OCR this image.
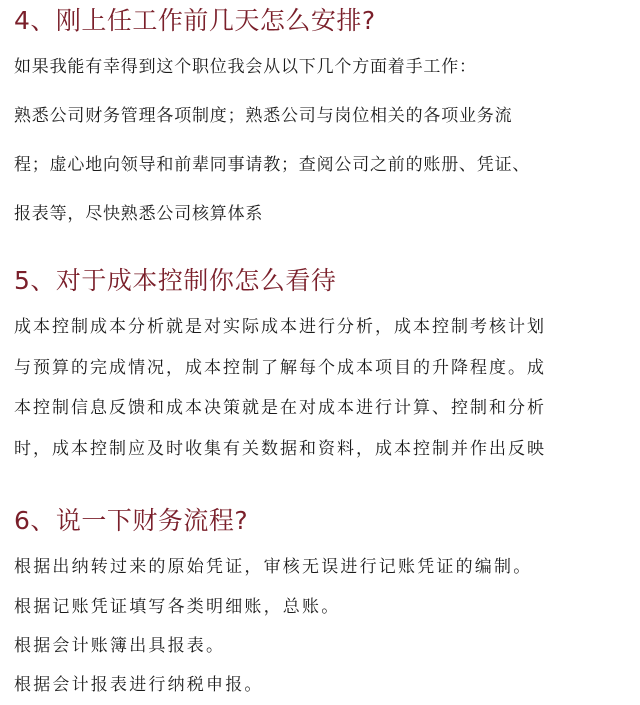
4、刚上任工作前几天怎么安排?
如果我能有幸得到这个职位我会从以下几个方面着手工作：
熟悉公司财务管理各项制度；熟悉公司与岗位相关的各项业务流
程；虚心地向领导和前辈同事请教；查阅公司之前的账册、凭证、
报表等，尽快熟悉公司核算体系
5、对于成本控制你怎么看待
成本控制成本分析就是对实际成本进行分析，成本控制考核计划
与预算的完成情况，成本控制了解每个成本项目的升降程度。成
本控制信息反馈和成本决策就是在对成本进行计算、控制和分析
时，成本控制应及时收集有关数据和资料，成本控制并作出反映
6、说一下财务流程?
根据出纳转过来的原始凭证，审核无误进行记账凭证的编制。
根据记账凭证填写各类明细账，总账。
根据会计账簿出具报表。
根据会计报表进行纳税申报。
